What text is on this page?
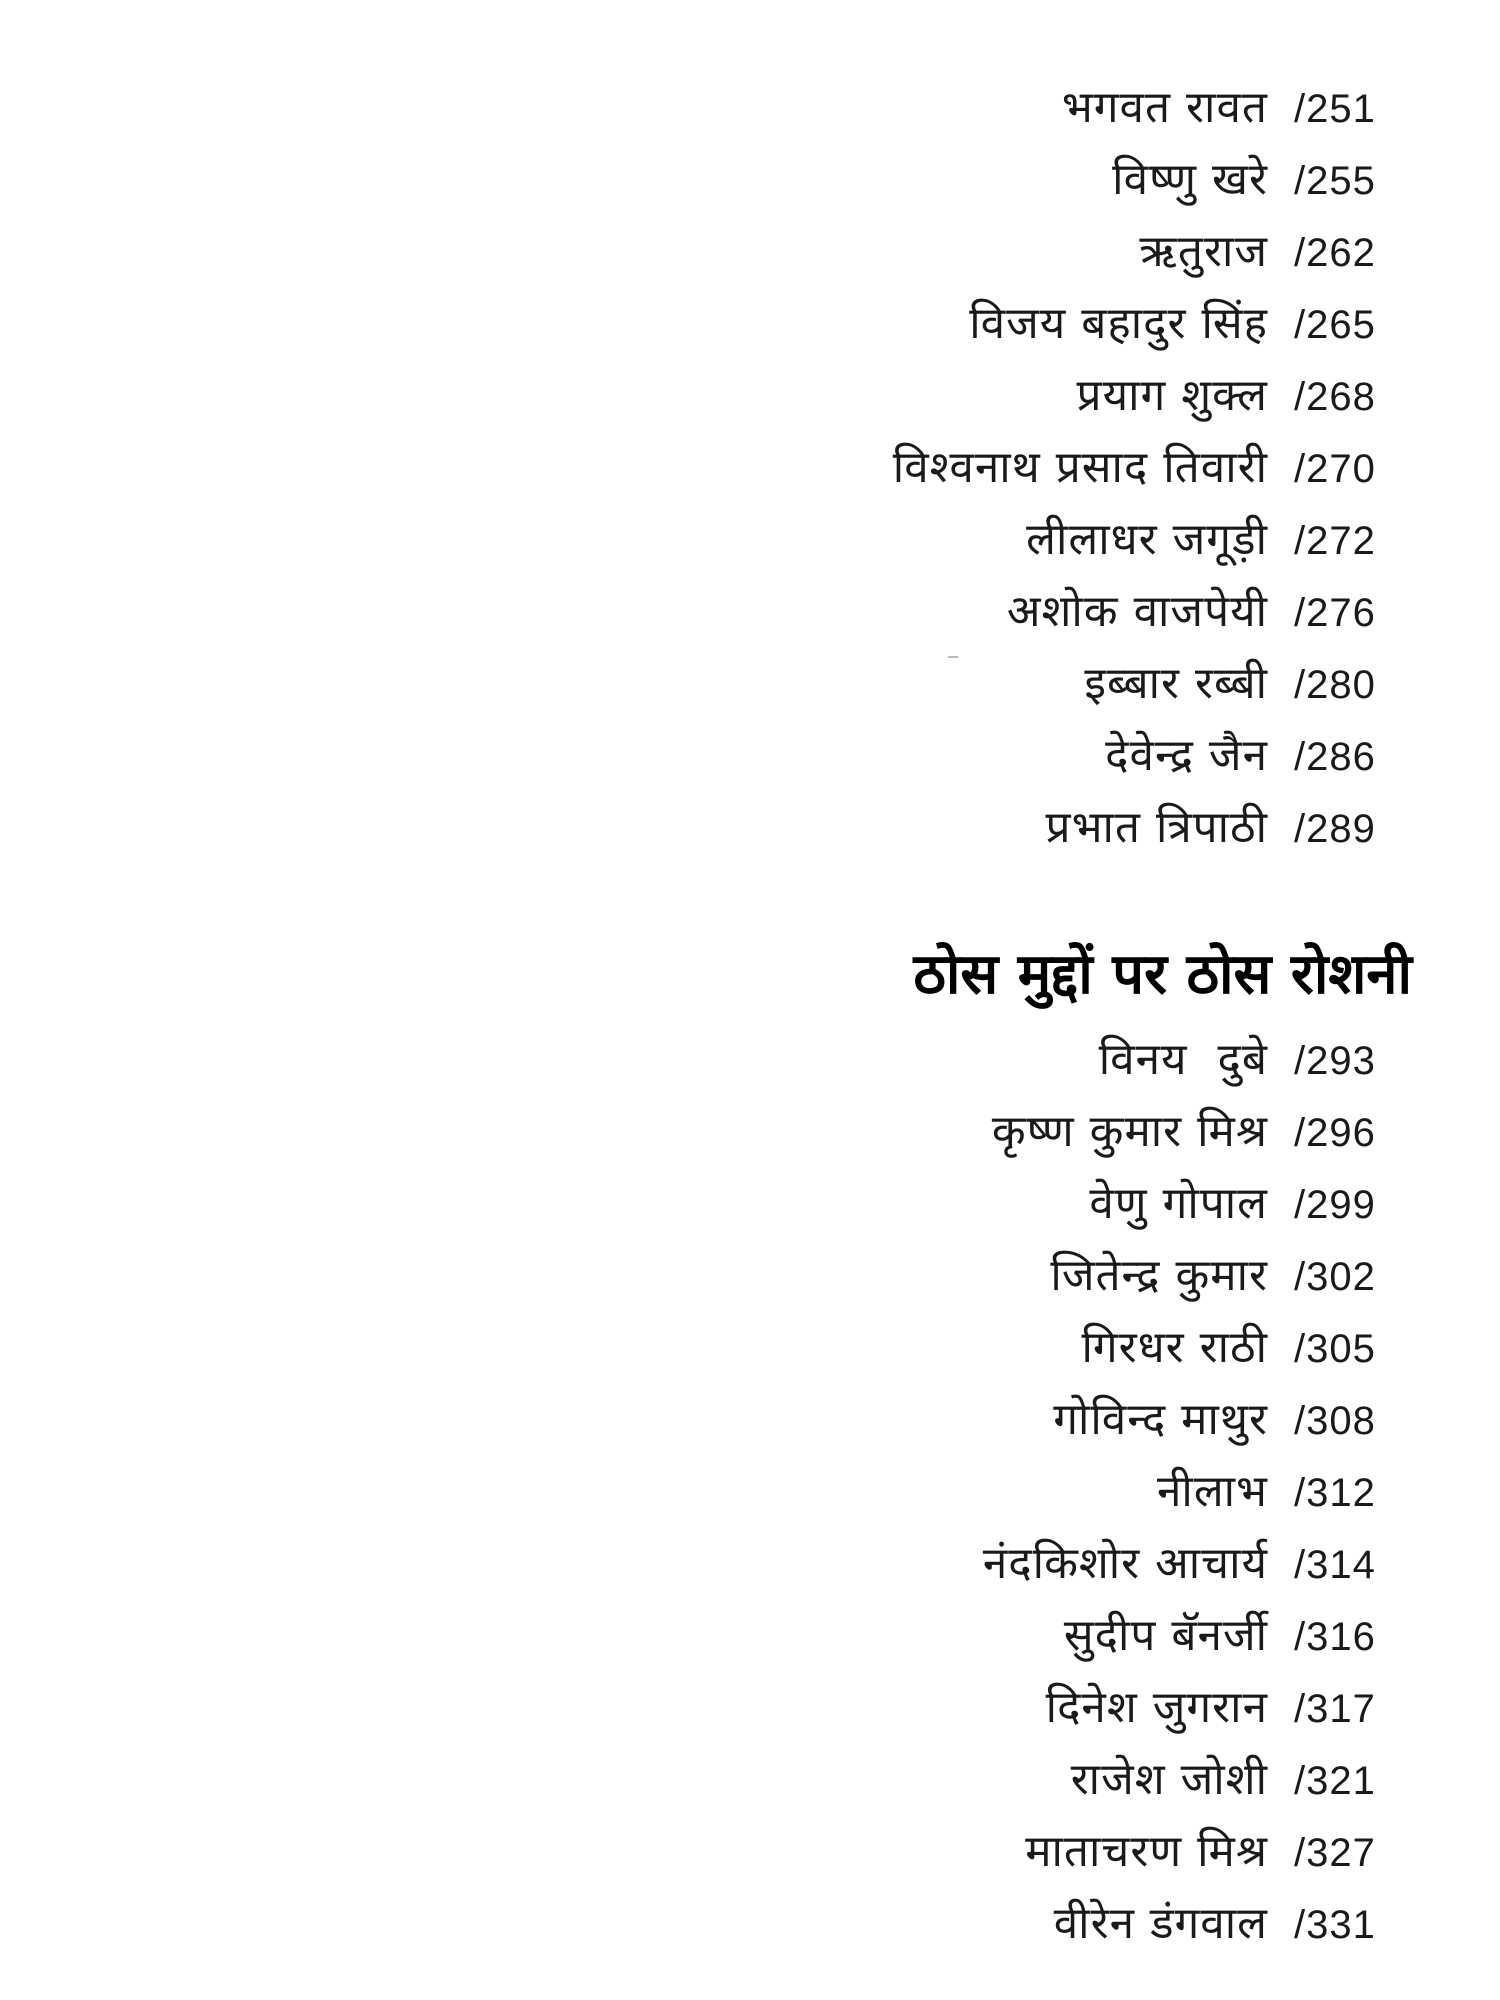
भगवत रावत /251
विष्णु खरे /255
ऋतुराज /262
विजय बहादुर सिंह /265
प्रयाग शुक्ल /268
विश्वनाथ प्रसाद तिवारी /270
लीलाधर जगूड़ी /272
अशोक वाजपेयी /276
इब्बार रब्बी /280
देवेन्द्र जैन /286
प्रभात त्रिपाठी /289
ठोस मुद्दों पर ठोस रोशनी
विनय  दुबे /293
कृष्ण कुमार मिश्र /296
वेणु गोपाल /299
जितेन्द्र कुमार /302
गिरधर राठी /305
गोविन्द माथुर /308
नीलाभ /312
नंदकिशोर आचार्य /314
सुदीप बॅनर्जी /316
दिनेश जुगरान /317
राजेश जोशी /321
माताचरण मिश्र /327
वीरेन डंगवाल /331
